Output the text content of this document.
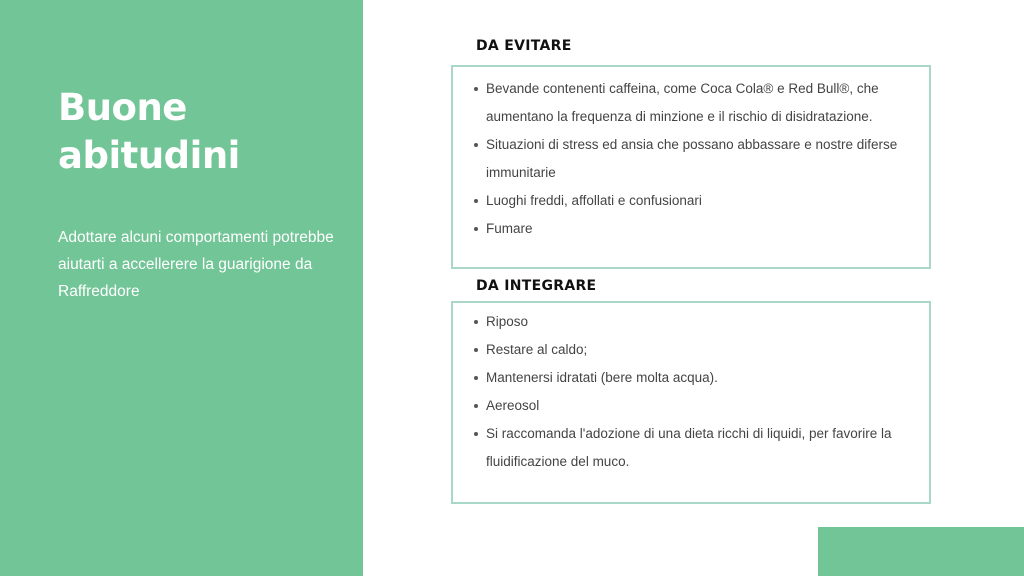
Buone abitudini

Adottare alcuni comportamenti potrebbe aiutarti a accellerere la guarigione da Raffreddore

DA EVITARE
Bevande contenenti caffeina, come Coca Cola® e Red Bull®, che aumentano la frequenza di minzione e il rischio di disidratazione.
Situazioni di stress ed ansia che possano abbassare e nostre diferse immunitarie
Luoghi freddi, affollati e confusionari
Fumare
DA INTEGRARE
Riposo
Restare al caldo;
Mantenersi idratati (bere molta acqua).
Aereosol
Si raccomanda l'adozione di una dieta ricchi di liquidi, per favorire la fluidificazione del muco.
